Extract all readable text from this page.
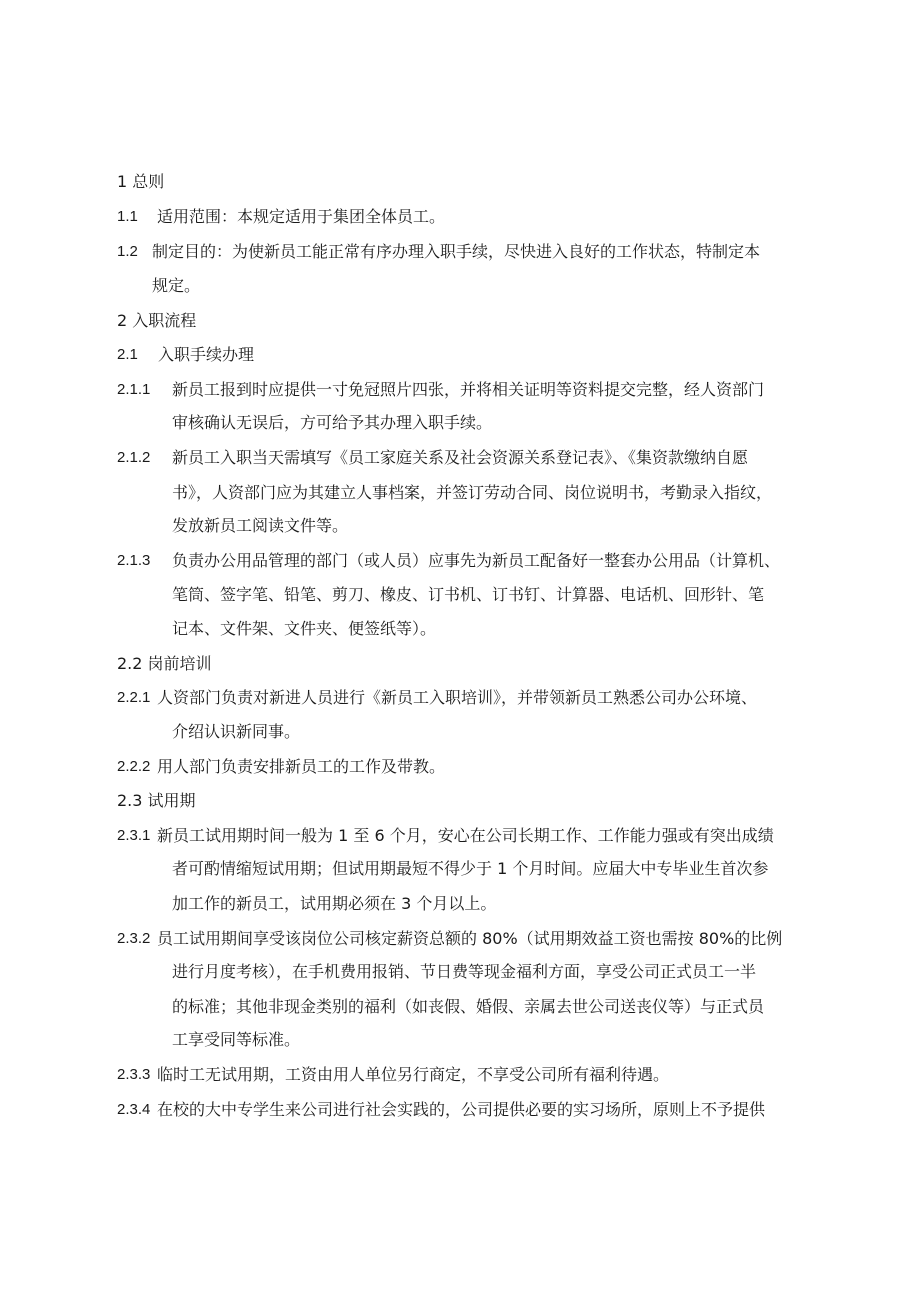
1 总则
1.1 适用范围：本规定适用于集团全体员工。
1.2 制定目的：为使新员工能正常有序办理入职手续，尽快进入良好的工作状态，特制定本
规定。
2 入职流程
2.1 入职手续办理
2.1.1 新员工报到时应提供一寸免冠照片四张，并将相关证明等资料提交完整，经人资部门
审核确认无误后，方可给予其办理入职手续。
2.1.2 新员工入职当天需填写《员工家庭关系及社会资源关系登记表》、《集资款缴纳自愿
书》，人资部门应为其建立人事档案，并签订劳动合同、岗位说明书，考勤录入指纹，
发放新员工阅读文件等。
2.1.3 负责办公用品管理的部门（或人员）应事先为新员工配备好一整套办公用品（计算机、
笔筒、签字笔、铅笔、剪刀、橡皮、订书机、订书钉、计算器、电话机、回形针、笔
记本、文件架、文件夹、便签纸等）。
2.2 岗前培训
2.2.1 人资部门负责对新进人员进行《新员工入职培训》，并带领新员工熟悉公司办公环境、
介绍认识新同事。
2.2.2 用人部门负责安排新员工的工作及带教。
2.3 试用期
2.3.1 新员工试用期时间一般为 1 至 6 个月，安心在公司长期工作、工作能力强或有突出成绩
者可酌情缩短试用期；但试用期最短不得少于 1 个月时间。应届大中专毕业生首次参
加工作的新员工，试用期必须在 3 个月以上。
2.3.2 员工试用期间享受该岗位公司核定薪资总额的 80%（试用期效益工资也需按 80%的比例
进行月度考核），在手机费用报销、节日费等现金福利方面，享受公司正式员工一半
的标准；其他非现金类别的福利（如丧假、婚假、亲属去世公司送丧仪等）与正式员
工享受同等标准。
2.3.3 临时工无试用期，工资由用人单位另行商定，不享受公司所有福利待遇。
2.3.4 在校的大中专学生来公司进行社会实践的，公司提供必要的实习场所，原则上不予提供
